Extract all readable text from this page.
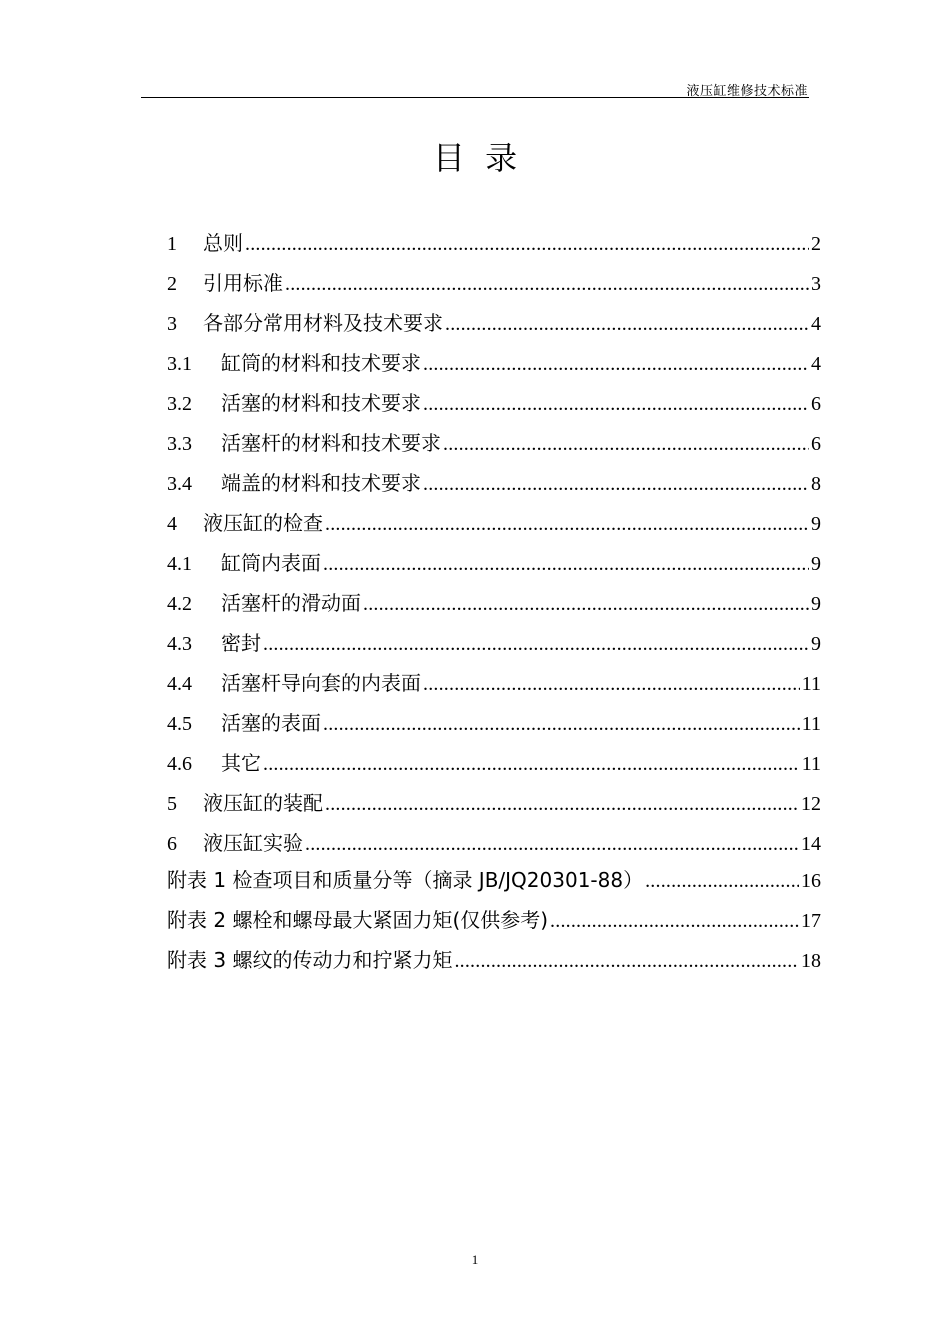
液压缸维修技术标准
目  录
1	总则 .....	2
2	引用标准 .....	3
3	各部分常用材料及技术要求 .....	4
3.1	缸筒的材料和技术要求 .....	4
3.2	活塞的材料和技术要求 .....	6
3.3	活塞杆的材料和技术要求 .....	6
3.4	端盖的材料和技术要求 .....	8
4	液压缸的检查 .....	9
4.1	缸筒内表面 .....	9
4.2	活塞杆的滑动面 .....	9
4.3	密封 .....	9
4.4	活塞杆导向套的内表面 .....	11
4.5	活塞的表面 .....	11
4.6	其它 .....	11
5	液压缸的装配 .....	12
6	液压缸实验 .....	14
附表 1 检查项目和质量分等（摘录 JB/JQ20301-88） .....	16
附表 2 螺栓和螺母最大紧固力矩(仅供参考) .....	17
附表 3 螺纹的传动力和拧紧力矩 .....	18
1
